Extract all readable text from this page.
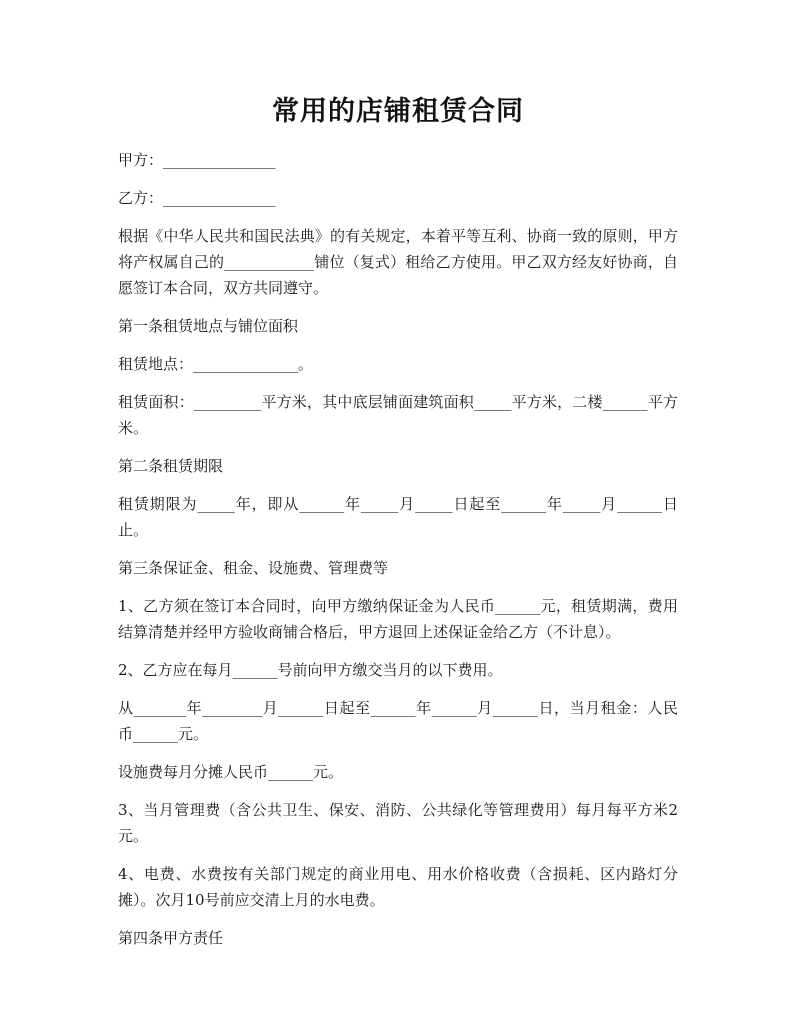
常用的店铺租赁合同

甲方：_______________

乙方：_______________

根据《中华人民共和国民法典》的有关规定，本着平等互利、协商一致的原则，甲方将产权属自己的____________铺位（复式）租给乙方使用。甲乙双方经友好协商，自愿签订本合同，双方共同遵守。

第一条租赁地点与铺位面积

租赁地点：______________。

租赁面积：_________平方米，其中底层铺面建筑面积_____平方米，二楼______平方米。

第二条租赁期限

租赁期限为_____年，即从______年_____月_____日起至______年_____月______日止。

第三条保证金、租金、设施费、管理费等

1、乙方须在签订本合同时，向甲方缴纳保证金为人民币______元，租赁期满，费用结算清楚并经甲方验收商铺合格后，甲方退回上述保证金给乙方（不计息）。

2、乙方应在每月______号前向甲方缴交当月的以下费用。

从_______年________月______日起至______年______月______日，当月租金：人民币______元。

设施费每月分摊人民币______元。

3、当月管理费（含公共卫生、保安、消防、公共绿化等管理费用）每月每平方米2元。

4、电费、水费按有关部门规定的商业用电、用水价格收费（含损耗、区内路灯分摊）。次月10号前应交清上月的水电费。

第四条甲方责任
